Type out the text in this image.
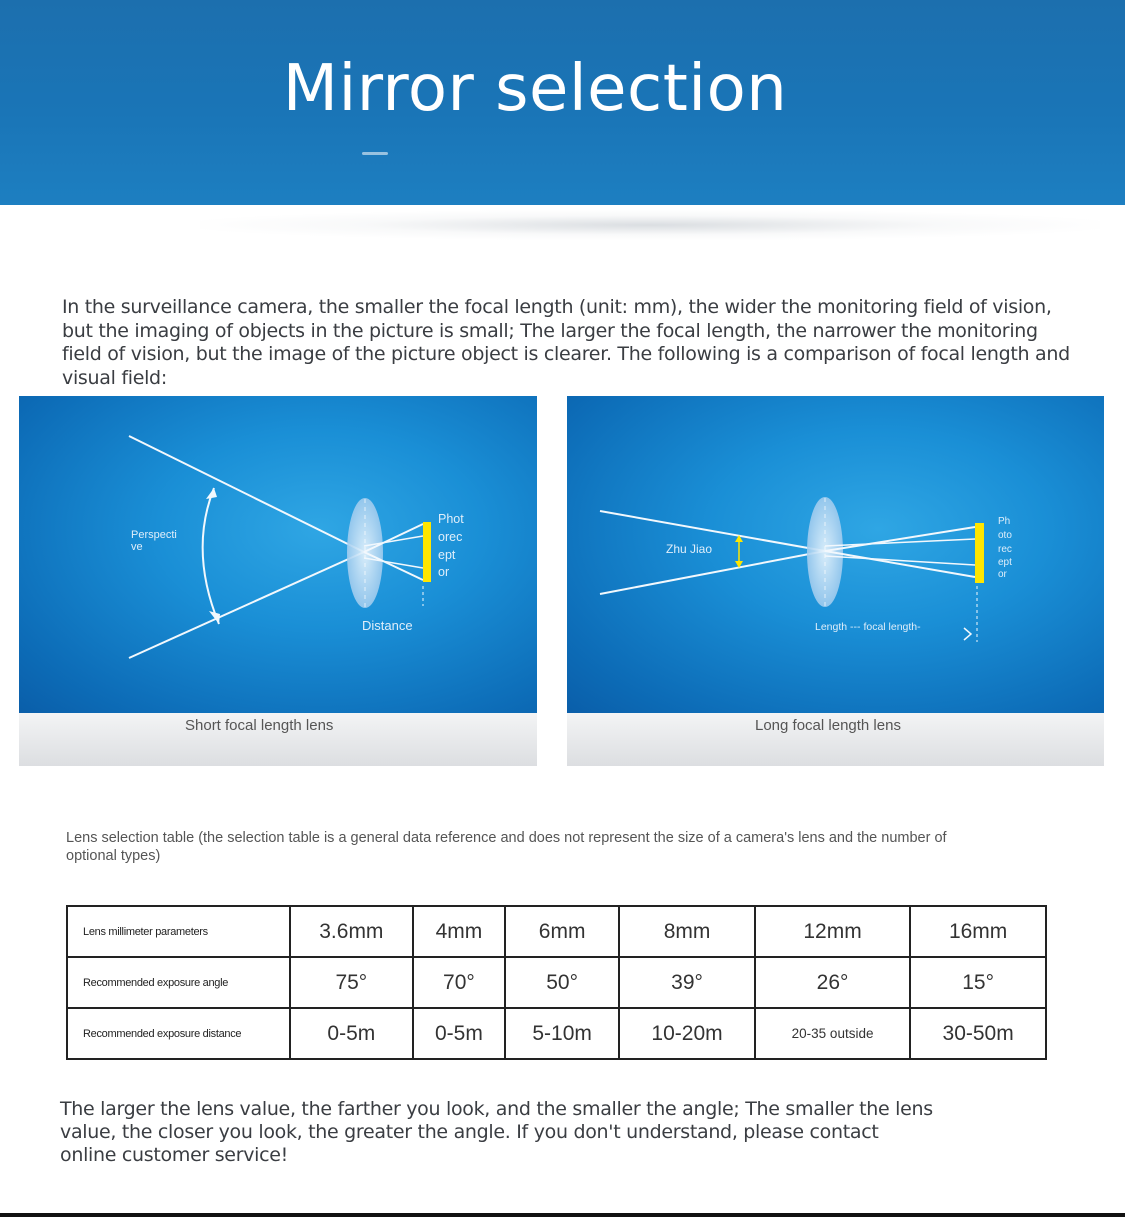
Mirror selection
In the surveillance camera, the smaller the focal length (unit: mm), the wider the monitoring field of vision, but the imaging of objects in the picture is small; The larger the focal length, the narrower the monitoring field of vision, but the image of the picture object is clearer. The following is a comparison of focal length and visual field:
Perspecti
ve
Phot
orec
ept
or
Distance
Short focal length lens
Zhu Jiao
Length --- focal length-
Ph
oto
rec
ept
or
Long focal length lens
Lens selection table (the selection table is a general data reference and does not represent the size of a camera's lens and the number of optional types)
Lens millimeter parameters	3.6mm	4mm	6mm	8mm	12mm	16mm
Recommended exposure angle	75°	70°	50°	39°	26°	15°
Recommended exposure distance	0-5m	0-5m	5-10m	10-20m	20-35 outside	30-50m
The larger the lens value, the farther you look, and the smaller the angle; The smaller the lens value, the closer you look, the greater the angle. If you don't understand, please contact online customer service!
